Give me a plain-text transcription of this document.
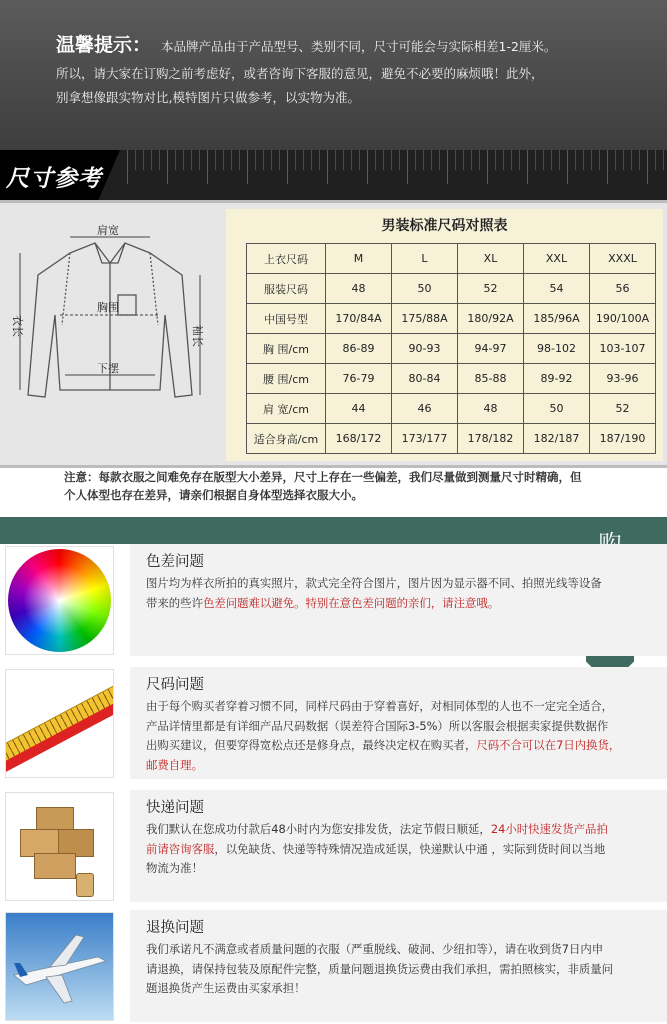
温馨提示： 本品牌产品由于产品型号、类别不同，尺寸可能会与实际相差1-2厘米。
所以，请大家在订购之前考虑好，或者咨询下客服的意见，避免不必要的麻烦哦！此外，
别拿想像跟实物对比,模特图片只做参考，以实物为准。
尺寸参考
肩宽
胸围
下摆
衣长	袖长
男装标准尺码对照表
上衣尺码	M	L	XL	XXL	XXXL
服装尺码	48	50	52	54	56
中国号型	170/84A	175/88A	180/92A	185/96A	190/100A
胸 围/cm	86-89	90-93	94-97	98-102	103-107
腰 围/cm	76-79	80-84	85-88	89-92	93-96
肩 宽/cm	44	46	48	50	52
适合身高/cm	168/172	173/177	178/182	182/187	187/190
注意：每款衣服之间难免存在版型大小差异，尺寸上存在一些偏差，我们尽量做到测量尺寸时精确，但
个人体型也存在差异，请亲们根据自身体型选择衣服大小。
色差问题
图片均为样衣所拍的真实照片，款式完全符合图片，图片因为显示器不同、拍照光线等设备
带来的些许色差问题难以避免。特别在意色差问题的亲们，请注意哦。
尺码问题
由于每个购买者穿着习惯不同，同样尺码由于穿着喜好，对相同体型的人也不一定完全适合，
产品详情里都是有详细产品尺码数据（误差符合国际3-5%）所以客服会根据卖家提供数据作
出购买建议，但要穿得宽松点还是修身点，最终决定权在购买者，尺码不合可以在7日内换货，
邮费自理。
快递问题
我们默认在您成功付款后48小时内为您安排发货，法定节假日顺延，24小时快速发货产品拍
前请咨询客服，以免缺货、快递等特殊情况造成延误，快递默认中通 ，实际到货时间以当地
物流为准！
退换问题
我们承诺凡不满意或者质量问题的衣服（严重脱线、破洞、少纽扣等），请在收到货7日内申
请退换，请保持包装及原配件完整，质量问题退换货运费由我们承担，需拍照核实，非质量问
题退换货产生运费由买家承担！
